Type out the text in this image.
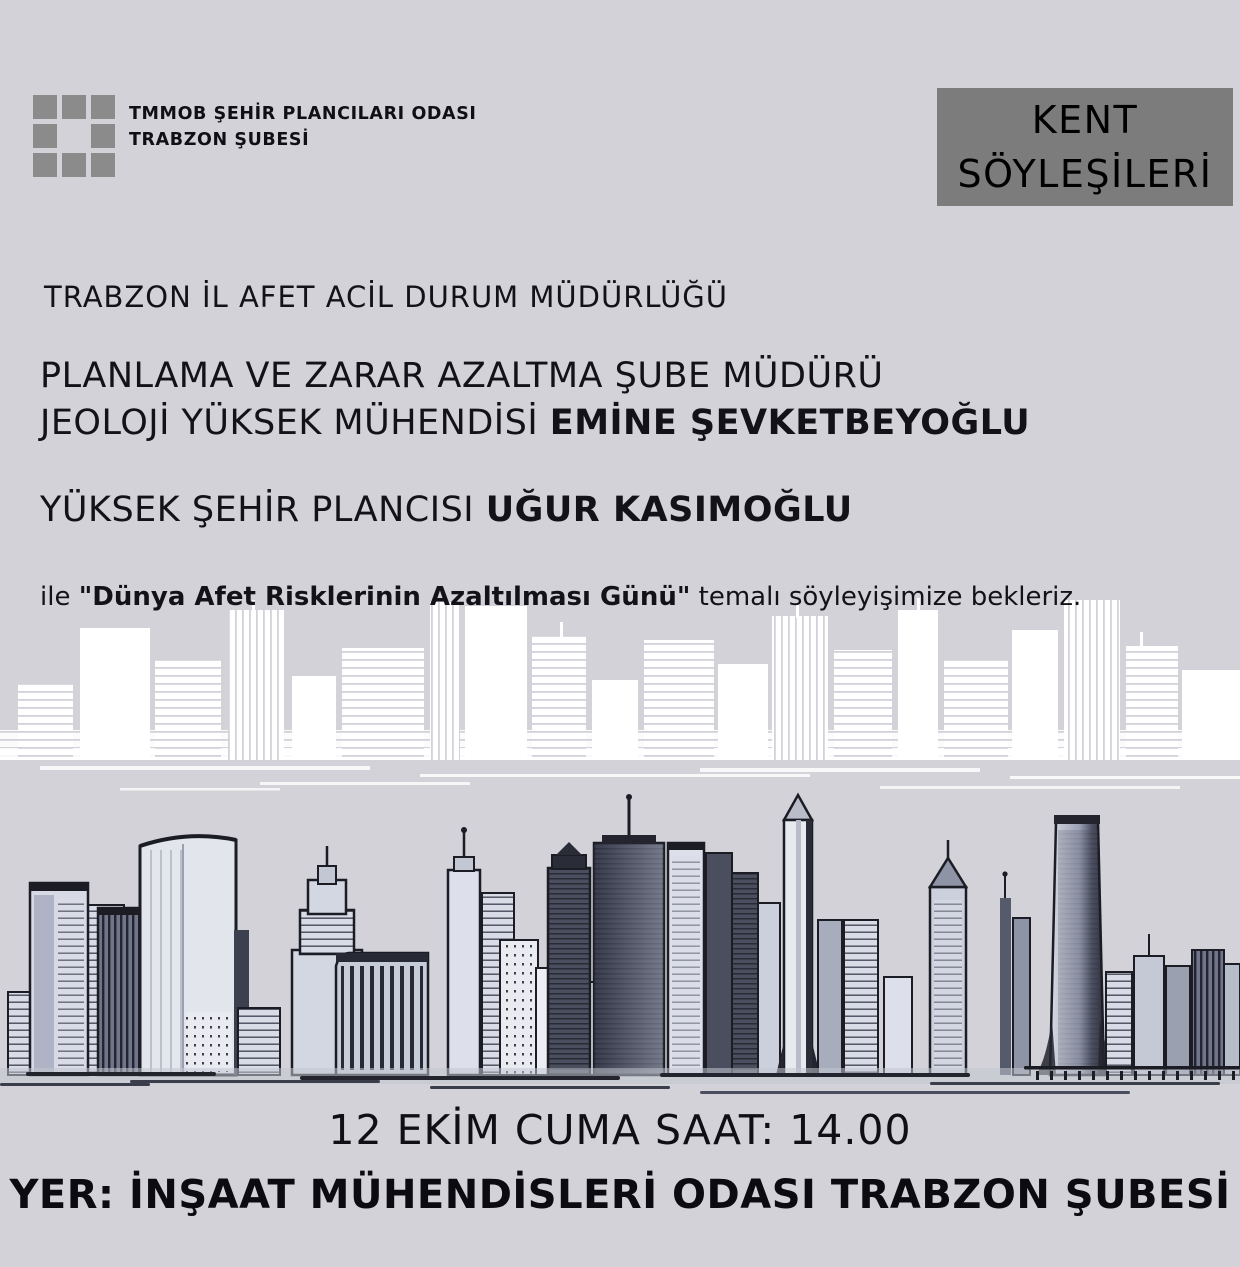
TMMOB ŞEHİR PLANCILARI ODASI
TRABZON ŞUBESİ	KENT
SÖYLEŞİLERİ
TRABZON İL AFET ACİL DURUM MÜDÜRLÜĞÜ
PLANLAMA VE ZARAR AZALTMA ŞUBE MÜDÜRÜ
JEOLOJİ YÜKSEK MÜHENDİSİ EMİNE ŞEVKETBEYOĞLU
YÜKSEK ŞEHİR PLANCISI UĞUR KASIMOĞLU
ile "Dünya Afet Risklerinin Azaltılması Günü" temalı söyleyişimize bekleriz.
12 EKİM CUMA SAAT: 14.00
YER: İNŞAAT MÜHENDİSLERİ ODASI TRABZON ŞUBESİ
